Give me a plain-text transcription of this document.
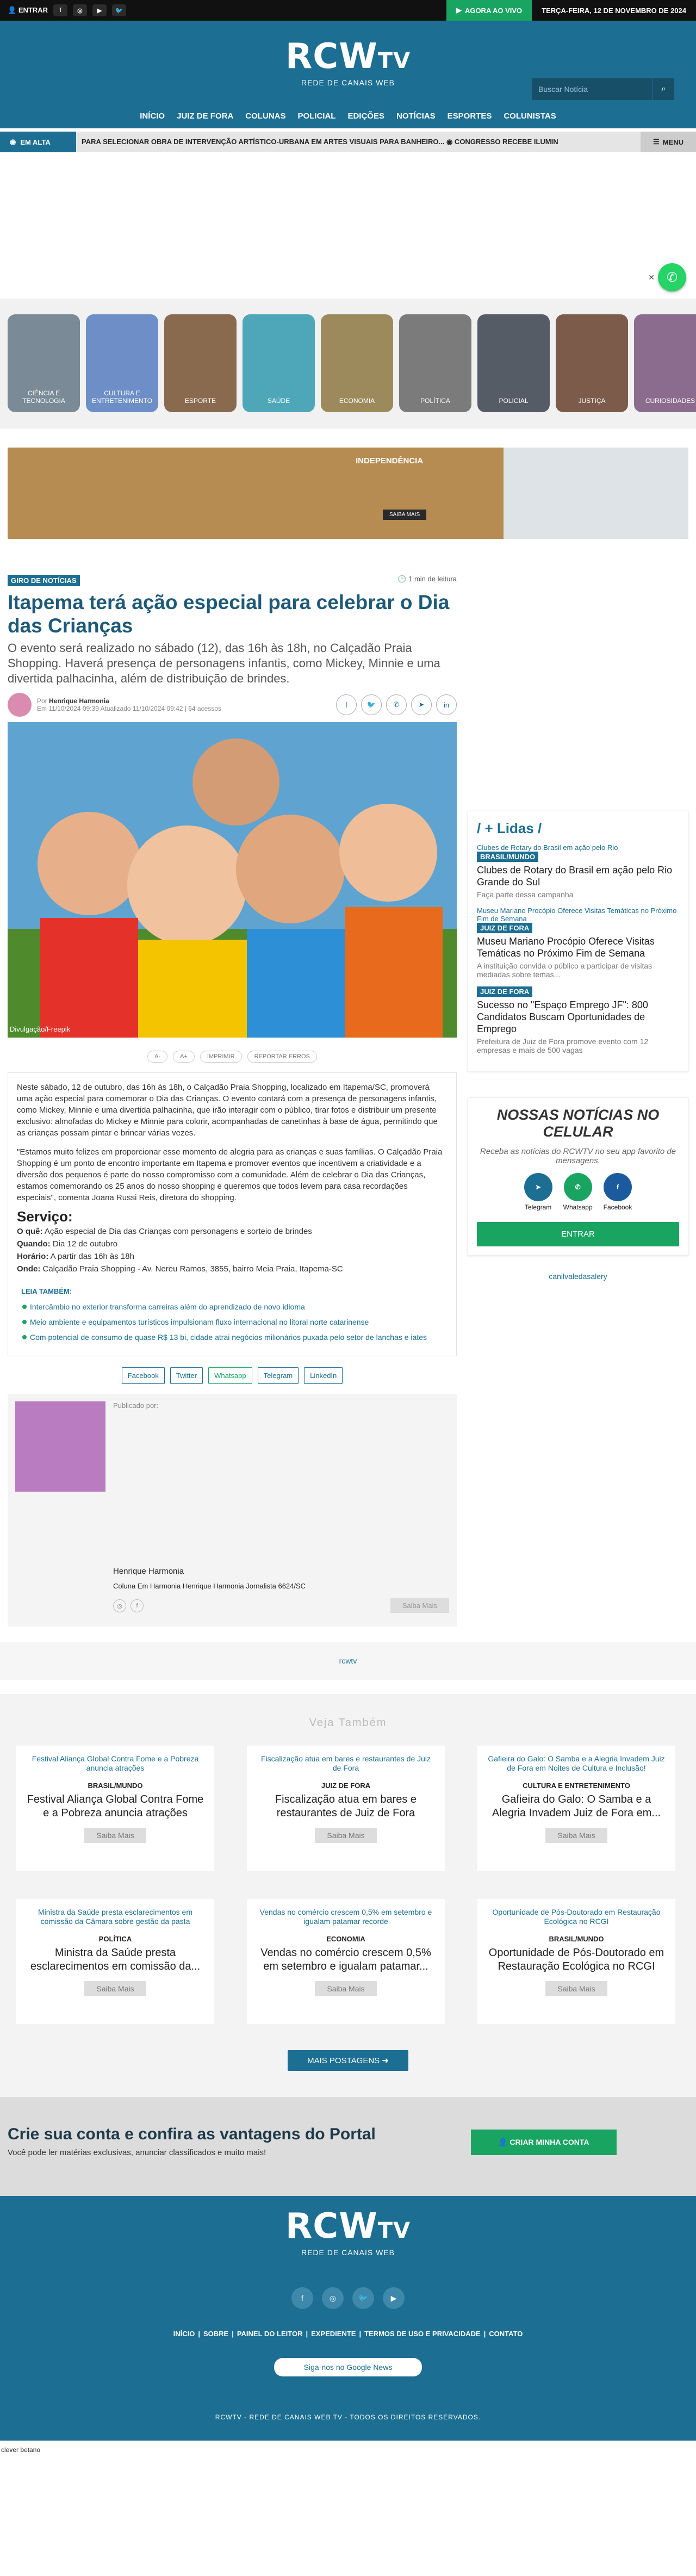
👤 ENTRAR	f	◎	▶	🐦	▶ AGORA AO VIVO	TERÇA-FEIRA, 12 DE NOVEMBRO DE 2024
RCWTV
REDE DE CANAIS WEB
Buscar Notícia	⌕
INÍCIO JUIZ DE FORA COLUNAS POLICIAL EDIÇÕES NOTÍCIAS ESPORTES COLUNISTAS
◉ EM ALTA	PARA SELECIONAR OBRA DE INTERVENÇÃO ARTÍSTICO-URBANA EM ARTES VISUAIS PARA BANHEIRO... ◉ CONGRESSO RECEBE ILUMIN	☰ MENU
✕ ✆
CIÊNCIA E TECNOLOGIA
CULTURA E ENTRETENIMENTO	ESPORTE	SAÚDE	ECONOMIA	POLÍTICA	POLICIAL	JUSTIÇA	CURIOSIDADES
INDEPENDÊNCIA
SAIBA MAIS
GIRO DE NOTÍCIAS	🕒 1 min de leitura
Itapema terá ação especial para celebrar o Dia das Crianças
O evento será realizado no sábado (12), das 16h às 18h, no Calçadão Praia Shopping. Haverá presença de personagens infantis, como Mickey, Minnie e uma divertida palhacinha, além de distribuição de brindes.
Por Henrique Harmonia
Em 11/10/2024 09:39 Atualizado 11/10/2024 09:42 | 64 acessos	f	🐦	✆	➤	in
Divulgação/Freepik
A-	A+	IMPRIMIR	REPORTAR ERROS

Neste sábado, 12 de outubro, das 16h às 18h, o Calçadão Praia Shopping, localizado em Itapema/SC, promoverá uma ação especial para comemorar o Dia das Crianças. O evento contará com a presença de personagens infantis, como Mickey, Minnie e uma divertida palhacinha, que irão interagir com o público, tirar fotos e distribuir um presente exclusivo: almofadas do Mickey e Minnie para colorir, acompanhadas de canetinhas à base de água, permitindo que as crianças possam pintar e brincar várias vezes.

"Estamos muito felizes em proporcionar esse momento de alegria para as crianças e suas famílias. O Calçadão Praia Shopping é um ponto de encontro importante em Itapema e promover eventos que incentivem a criatividade e a diversão dos pequenos é parte do nosso compromisso com a comunidade. Além de celebrar o Dia das Crianças, estamos comemorando os 25 anos do nosso shopping e queremos que todos levem para casa recordações especiais", comenta Joana Russi Reis, diretora do shopping.

Serviço:
O quê: Ação especial de Dia das Crianças com personagens e sorteio de brindes
Quando: Dia 12 de outubro
Horário: A partir das 16h às 18h
Onde: Calçadão Praia Shopping - Av. Nereu Ramos, 3855, bairro Meia Praia, Itapema-SC
LEIA TAMBÉM:
Intercâmbio no exterior transforma carreiras além do aprendizado de novo idioma
Meio ambiente e equipamentos turísticos impulsionam fluxo internacional no litoral norte catarinense
Com potencial de consumo de quase R$ 13 bi, cidade atrai negócios milionários puxada pelo setor de lanchas e iates
Facebook	Twitter	Whatsapp	Telegram	LinkedIn
Publicado por:
Henrique Harmonia
Coluna Em Harmonia Henrique Harmonia Jornalista 6624/SC
◎	f	Saiba Mais
/ + Lidas /
Clubes de Rotary do Brasil em ação pelo Rio
BRASIL/MUNDO
Clubes de Rotary do Brasil em ação pelo Rio Grande do Sul
Faça parte dessa campanha
Museu Mariano Procópio Oferece Visitas Temáticas no Próximo Fim de Semana
JUIZ DE FORA
Museu Mariano Procópio Oferece Visitas Temáticas no Próximo Fim de Semana
A instituição convida o público a participar de visitas mediadas sobre temas...
JUIZ DE FORA
Sucesso no "Espaço Emprego JF": 800 Candidatos Buscam Oportunidades de Emprego
Prefeitura de Juiz de Fora promove evento com 12 empresas e mais de 500 vagas
NOSSAS NOTÍCIAS NO CELULAR

Receba as notícias do RCWTV no seu app favorito de mensagens.

➤
Telegram
✆
Whatsapp
f
Facebook
ENTRAR
canilvaledasalery
rcwtv
Veja Também
Festival Aliança Global Contra Fome e a Pobreza anuncia atrações
BRASIL/MUNDO
Festival Aliança Global Contra Fome e a Pobreza anuncia atrações
Saiba Mais
Fiscalização atua em bares e restaurantes de Juiz de Fora
JUIZ DE FORA
Fiscalização atua em bares e restaurantes de Juiz de Fora
Saiba Mais
Gafieira do Galo: O Samba e a Alegria Invadem Juiz de Fora em Noites de Cultura e Inclusão!
CULTURA E ENTRETENIMENTO
Gafieira do Galo: O Samba e a Alegria Invadem Juiz de Fora em...
Saiba Mais
Ministra da Saúde presta esclarecimentos em comissão da Câmara sobre gestão da pasta
POLÍTICA
Ministra da Saúde presta esclarecimentos em comissão da...
Saiba Mais
Vendas no comércio crescem 0,5% em setembro e igualam patamar recorde
ECONOMIA
Vendas no comércio crescem 0,5% em setembro e igualam patamar...
Saiba Mais
Oportunidade de Pós-Doutorado em Restauração Ecológica no RCGI
BRASIL/MUNDO
Oportunidade de Pós-Doutorado em Restauração Ecológica no RCGI
Saiba Mais
MAIS POSTAGENS ➜
Crie sua conta e confira as vantagens do Portal

Você pode ler matérias exclusivas, anunciar classificados e muito mais!

👤 CRIAR MINHA CONTA
RCWTV
REDE DE CANAIS WEB
f	◎	🐦	▶
INÍCIO | SOBRE | PAINEL DO LEITOR | EXPEDIENTE | TERMOS DE USO E PRIVACIDADE | CONTATO
Siga-nos no Google News
RCWTV - REDE DE CANAIS WEB TV - TODOS OS DIREITOS RESERVADOS.
clever betano
